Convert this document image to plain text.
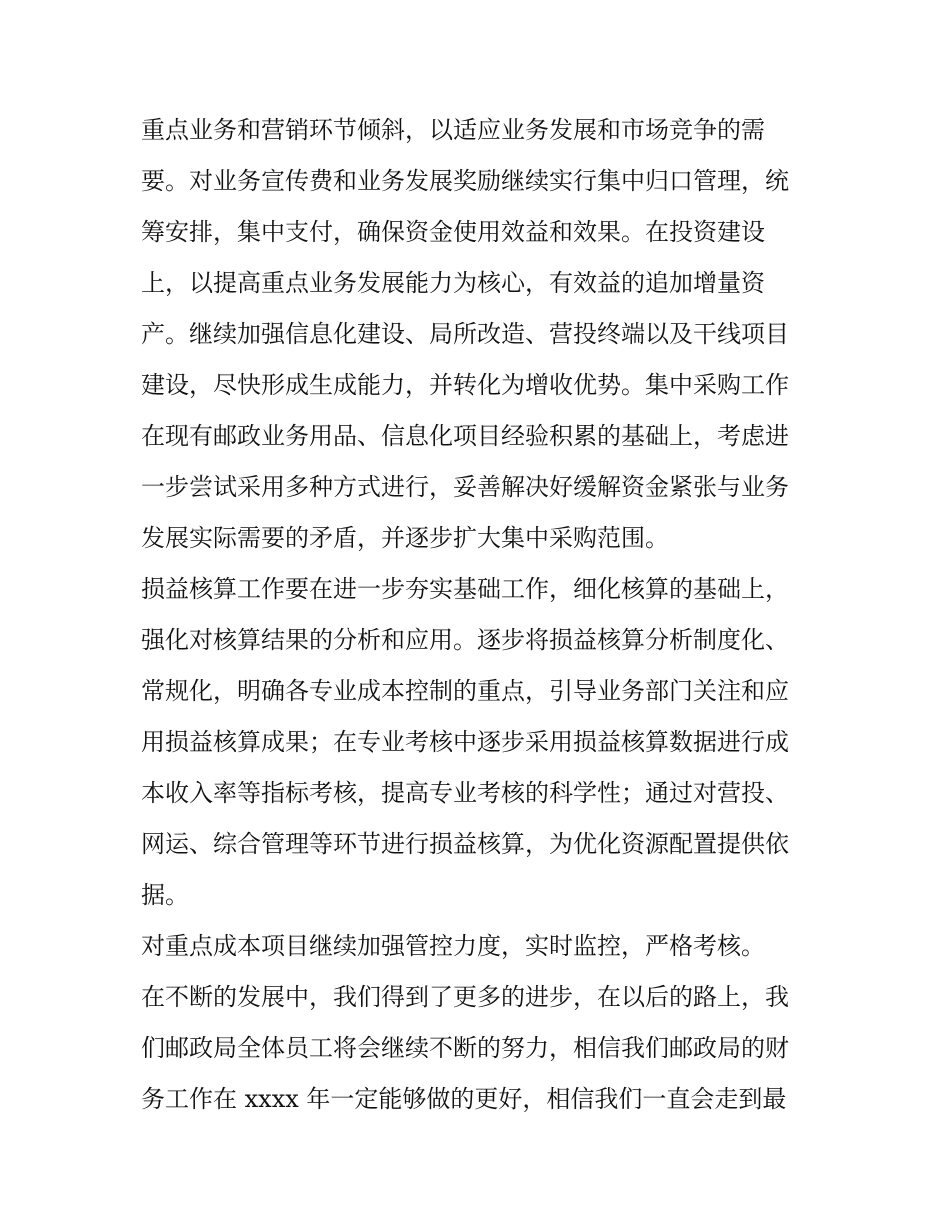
重点业务和营销环节倾斜，以适应业务发展和市场竞争的需
要。对业务宣传费和业务发展奖励继续实行集中归口管理，统
筹安排，集中支付，确保资金使用效益和效果。在投资建设
上，以提高重点业务发展能力为核心，有效益的追加增量资
产。继续加强信息化建设、局所改造、营投终端以及干线项目
建设，尽快形成生成能力，并转化为增收优势。集中采购工作
在现有邮政业务用品、信息化项目经验积累的基础上，考虑进
一步尝试采用多种方式进行，妥善解决好缓解资金紧张与业务
发展实际需要的矛盾，并逐步扩大集中采购范围。
损益核算工作要在进一步夯实基础工作，细化核算的基础上，
强化对核算结果的分析和应用。逐步将损益核算分析制度化、
常规化，明确各专业成本控制的重点，引导业务部门关注和应
用损益核算成果；在专业考核中逐步采用损益核算数据进行成
本收入率等指标考核，提高专业考核的科学性；通过对营投、
网运、综合管理等环节进行损益核算，为优化资源配置提供依
据。
对重点成本项目继续加强管控力度，实时监控，严格考核。
在不断的发展中，我们得到了更多的进步，在以后的路上，我
们邮政局全体员工将会继续不断的努力，相信我们邮政局的财
务工作在 xxxx 年一定能够做的更好，相信我们一直会走到最
